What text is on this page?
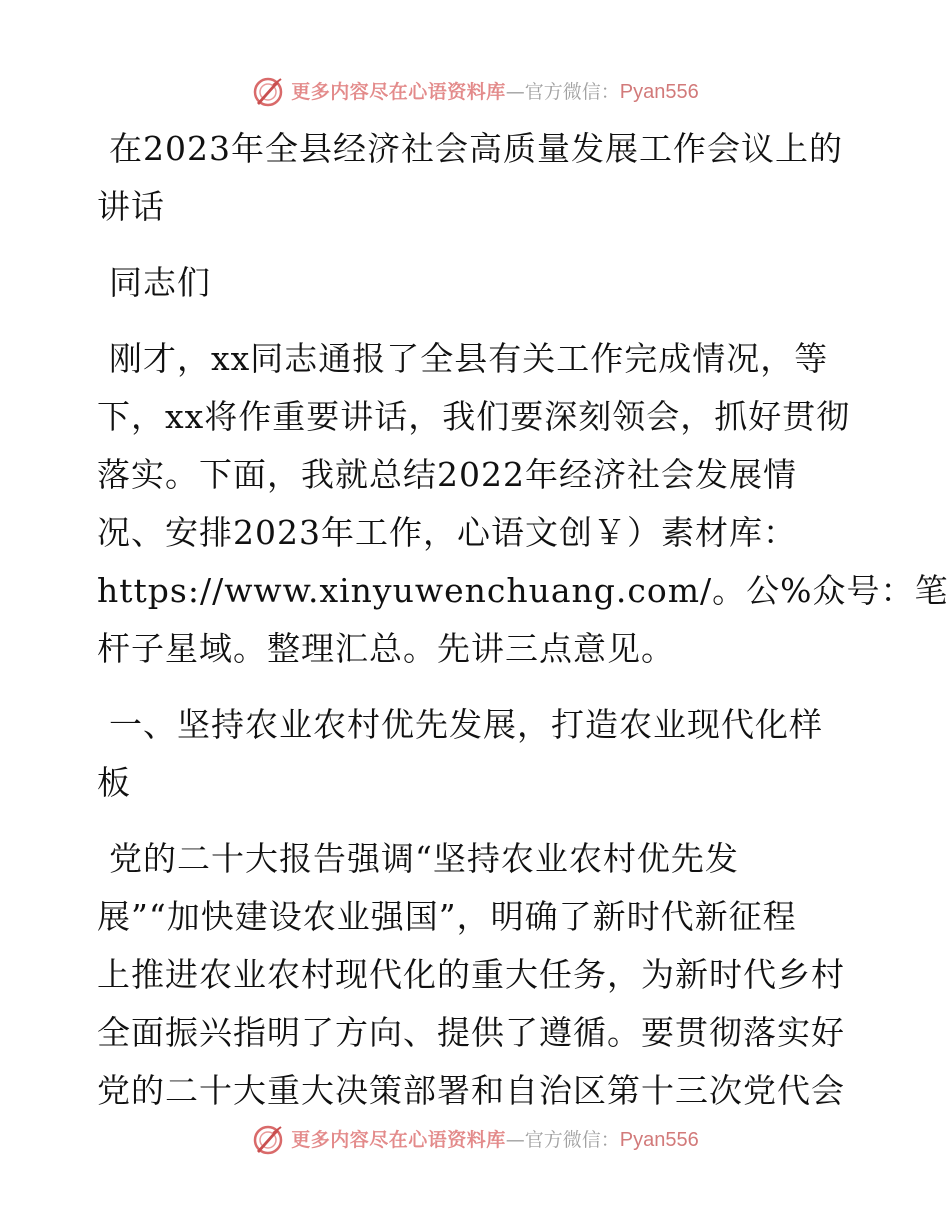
更多内容尽在心语资料库 — 官方微信： Pyan556

在2023年全县经济社会高质量发展工作会议上的
讲话

同志们

刚才，xx同志通报了全县有关工作完成情况，等
下，xx将作重要讲话，我们要深刻领会，抓好贯彻
落实。下面，我就总结2022年经济社会发展情
况、安排2023年工作，心语文创￥）素材库：
https://www.xinyuwenchuang.com/。公%众号：笔
杆子星域。整理汇总。先讲三点意见。

一、坚持农业农村优先发展，打造农业现代化样
板

党的二十大报告强调“坚持农业农村优先发
展”“加快建设农业强国”，明确了新时代新征程
上推进农业农村现代化的重大任务，为新时代乡村
全面振兴指明了方向、提供了遵循。要贯彻落实好
党的二十大重大决策部署和自治区第十三次党代会

更多内容尽在心语资料库 — 官方微信： Pyan556
